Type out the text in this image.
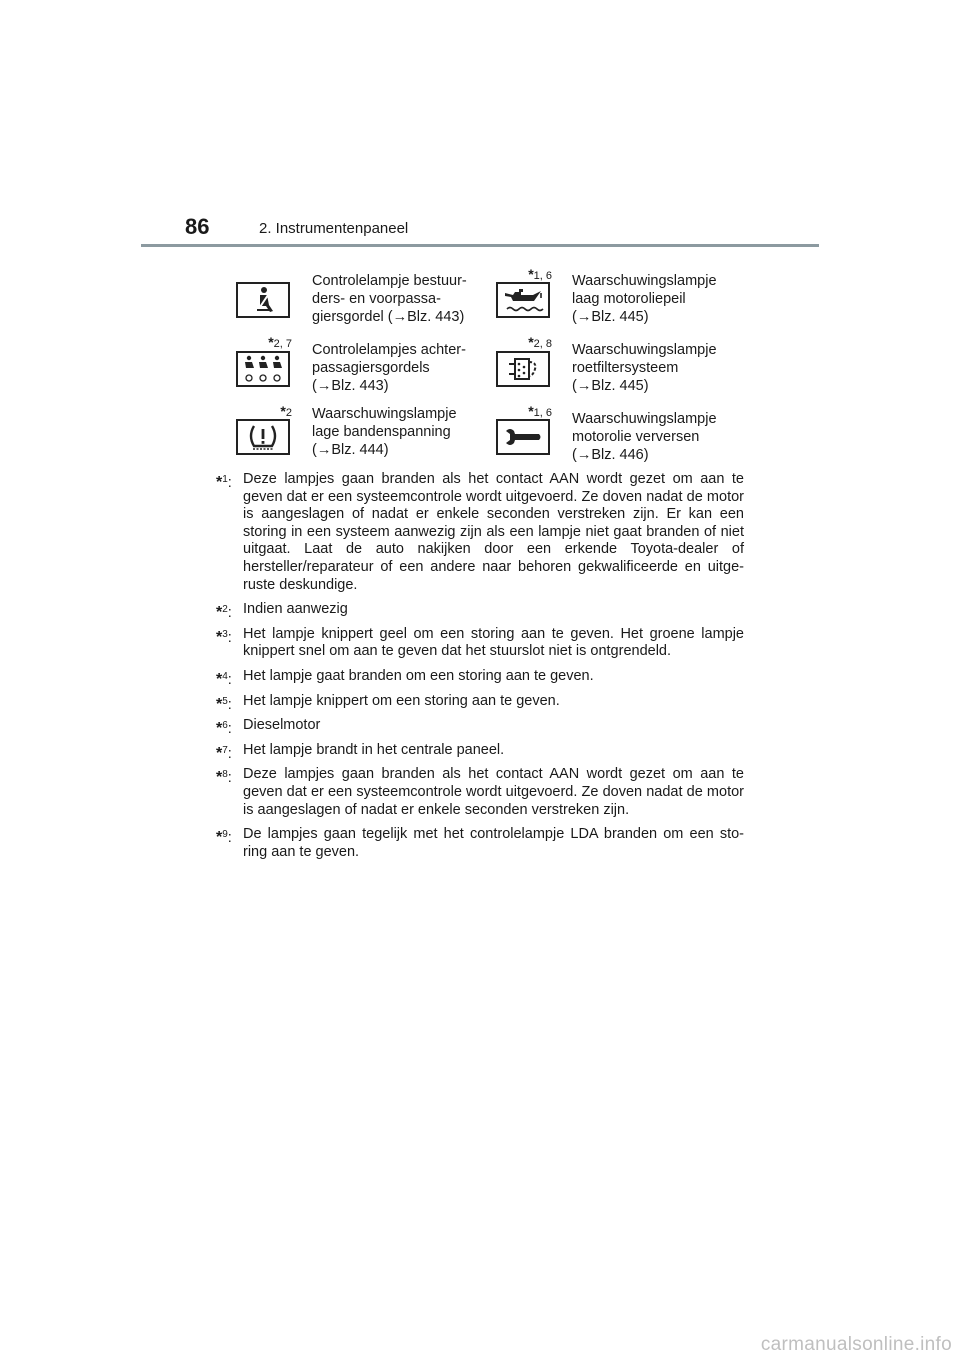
86	2. Instrumentenpaneel
Controlelampje bestuur-
ders- en voorpassa-
giersgordel (→Blz. 443)
*2, 7 Controlelampjes achter-
passagiersgordels
(→Blz. 443)
*2 Waarschuwingslampje
lage bandenspanning
(→Blz. 444)
*1, 6 Waarschuwingslampje
laag motoroliepeil
(→Blz. 445)
*2, 8 Waarschuwingslampje
roetfiltersysteem
(→Blz. 445)
*1, 6 Waarschuwingslampje
motorolie verversen
(→Blz. 446)
*$^1$: Deze lampjes gaan branden als het contact AAN wordt gezet om aan te geven dat er een systeemcontrole wordt uitgevoerd. Ze doven nadat de motor is aangeslagen of nadat er enkele seconden verstreken zijn. Er kan een storing in een systeem aanwezig zijn als een lampje niet gaat branden of niet uitgaat. Laat de auto nakijken door een erkende Toyota-dealer of hersteller/reparateur of een andere naar behoren gekwalificeerde en uitge-ruste deskundige.
*$^2$: Indien aanwezig
*$^3$: Het lampje knippert geel om een storing aan te geven. Het groene lampje knippert snel om aan te geven dat het stuurslot niet is ontgrendeld.
*$^4$: Het lampje gaat branden om een storing aan te geven.
*$^5$: Het lampje knippert om een storing aan te geven.
*$^6$: Dieselmotor
*$^7$: Het lampje brandt in het centrale paneel.
*$^8$: Deze lampjes gaan branden als het contact AAN wordt gezet om aan te geven dat er een systeemcontrole wordt uitgevoerd. Ze doven nadat de motor is aangeslagen of nadat er enkele seconden verstreken zijn.
*$^9$: De lampjes gaan tegelijk met het controlelampje LDA branden om een sto-ring aan te geven.
carmanualsonline.info
